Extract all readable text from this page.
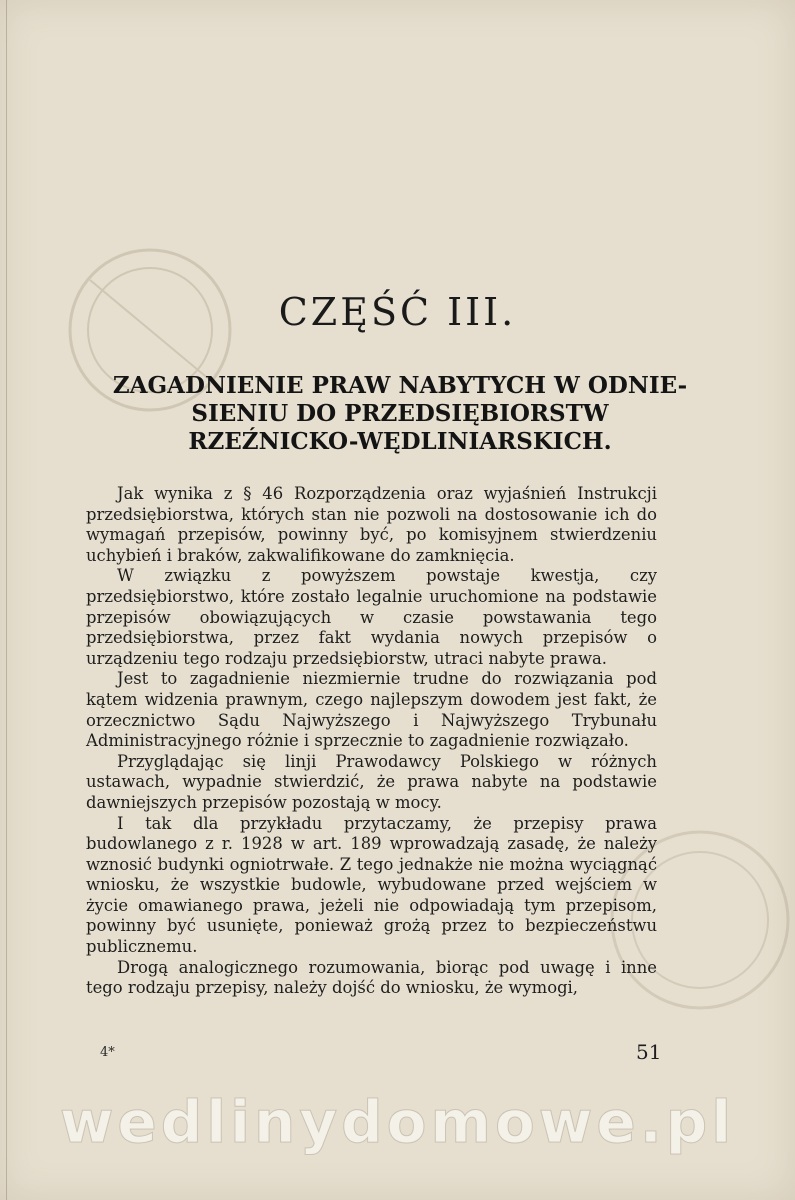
CZĘŚĆ III.
ZAGADNIENIE PRAW NABYTYCH W ODNIE-
SIENIU DO PRZEDSIĘBIORSTW
RZEŹNICKO-WĘDLINIARSKICH.

Jak wynika z § 46 Rozporządzenia oraz wyjaśnień Instrukcji przedsiębiorstwa, których stan nie pozwoli na dostosowanie ich do wymagań przepisów, powinny być, po komisyjnem stwierdzeniu uchybień i braków, zakwalifikowane do zamknięcia.

W związku z powyższem powstaje kwestja, czy przedsiębiorstwo, które zostało legalnie uruchomione na podstawie przepisów obowiązujących w czasie powstawania tego przedsiębiorstwa, przez fakt wydania nowych przepisów o urządzeniu tego rodzaju przedsiębiorstw, utraci nabyte prawa.

Jest to zagadnienie niezmiernie trudne do rozwiązania pod kątem widzenia prawnym, czego najlepszym dowodem jest fakt, że orzecznictwo Sądu Najwyższego i Najwyższego Trybunału Administracyjnego różnie i sprzecznie to zagadnienie rozwiązało.

Przyglądając się linji Prawodawcy Polskiego w różnych ustawach, wypadnie stwierdzić, że prawa nabyte na podstawie dawniejszych przepisów pozostają w mocy.

I tak dla przykładu przytaczamy, że przepisy prawa budowlanego z r. 1928 w art. 189 wprowadzają zasadę, że należy wznosić budynki ogniotrwałe. Z tego jednakże nie można wyciągnąć wniosku, że wszystkie budowle, wybudowane przed wejściem w życie omawianego prawa, jeżeli nie odpowiadają tym przepisom, powinny być usunięte, ponieważ grożą przez to bezpieczeństwu publicznemu.

Drogą analogicznego rozumowania, biorąc pod uwagę i inne tego rodzaju przepisy, należy dojść do wniosku, że wymogi,

4*	51
wedlinydomowe.pl
